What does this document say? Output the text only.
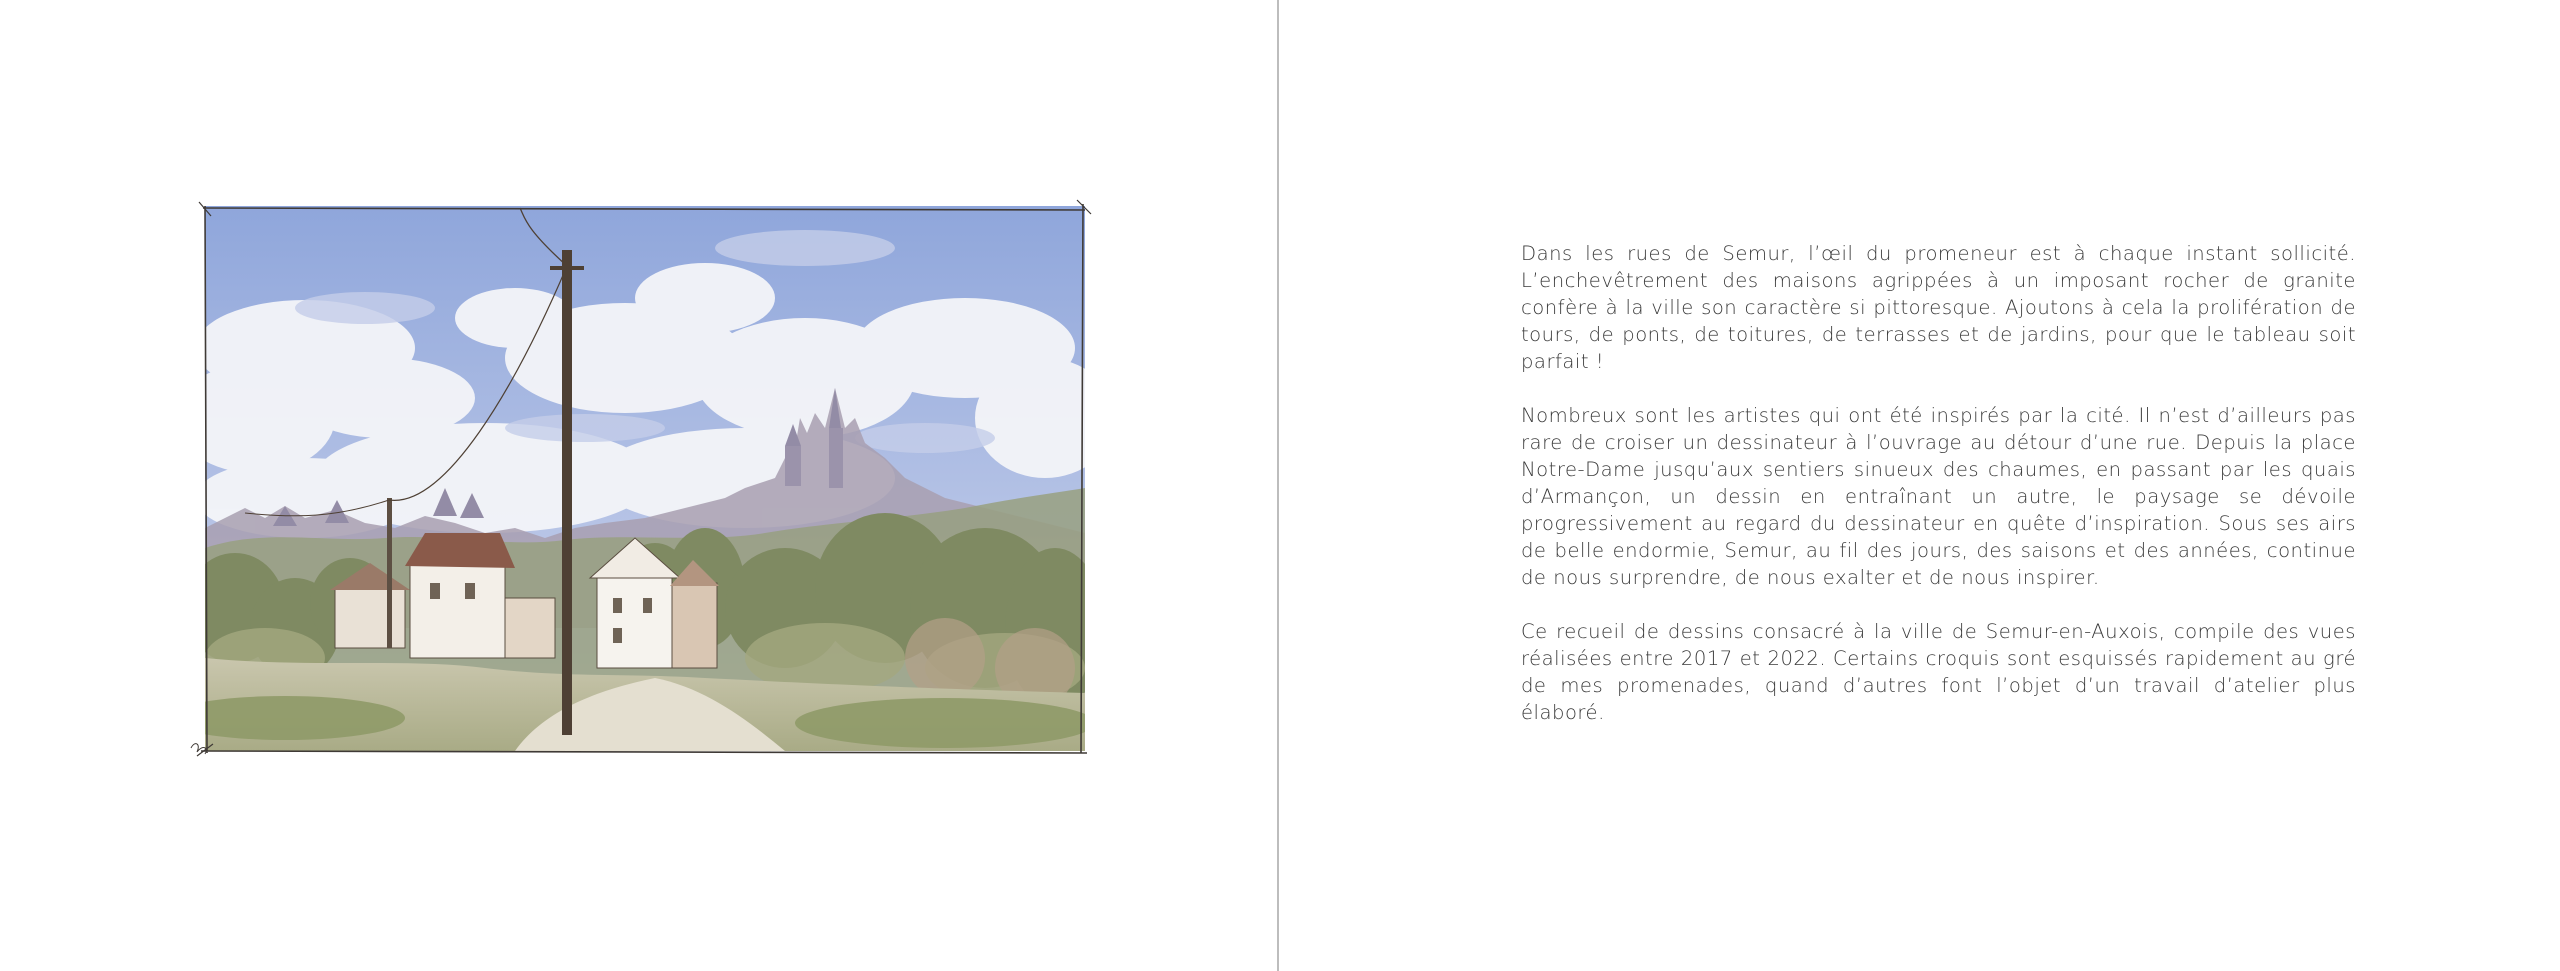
Dans les rues de Semur, l’œil du promeneur est à chaque instant sollicité. L’enchevêtrement des maisons agrippées à un imposant rocher de granite confère à la ville son caractère si pittoresque. Ajoutons à cela la prolifération de tours, de ponts, de toitures, de terrasses et de jardins, pour que le tableau soit parfait !

Nombreux sont les artistes qui ont été inspirés par la cité. Il n’est d’ailleurs pas rare de croiser un dessinateur à l’ouvrage au détour d’une rue. Depuis la place Notre-Dame jusqu’aux sentiers sinueux des chaumes, en passant par les quais d’Armançon, un dessin en entraînant un autre, le paysage se dévoile progressivement au regard du dessinateur en quête d’inspiration. Sous ses airs de belle endormie, Semur, au fil des jours, des saisons et des années, continue de nous surprendre, de nous exalter et de nous inspirer.

Ce recueil de dessins consacré à la ville de Semur-en-Auxois, compile des vues réalisées entre 2017 et 2022. Certains croquis sont esquissés rapidement au gré de mes promenades, quand d’autres font l’objet d’un travail d’atelier plus élaboré.
